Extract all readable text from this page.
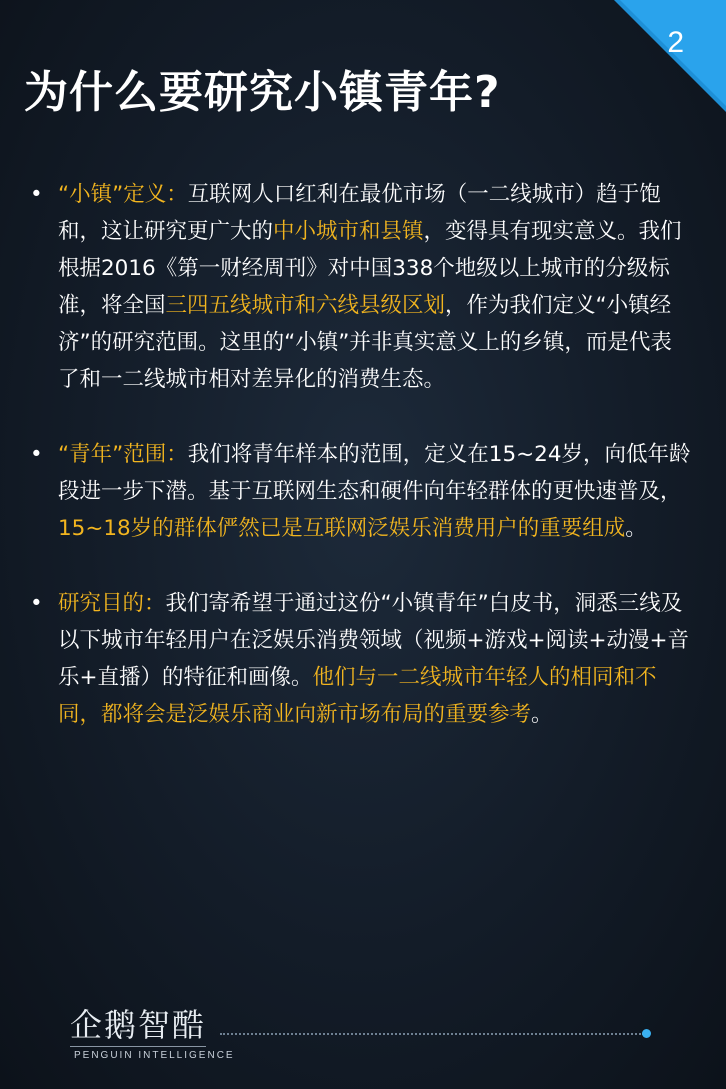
2
为什么要研究小镇青年?
• “小镇”定义：互联网人口红利在最优市场（一二线城市）趋于饱和，这让研究更广大的中小城市和县镇，变得具有现实意义。我们根据2016《第一财经周刊》对中国338个地级以上城市的分级标准，将全国三四五线城市和六线县级区划，作为我们定义“小镇经济”的研究范围。这里的“小镇”并非真实意义上的乡镇，而是代表了和一二线城市相对差异化的消费生态。
• “青年”范围：我们将青年样本的范围，定义在15~24岁，向低年龄段进一步下潜。基于互联网生态和硬件向年轻群体的更快速普及，15~18岁的群体俨然已是互联网泛娱乐消费用户的重要组成。
• 研究目的：我们寄希望于通过这份“小镇青年”白皮书，洞悉三线及以下城市年轻用户在泛娱乐消费领域（视频+游戏+阅读+动漫+音乐+直播）的特征和画像。他们与一二线城市年轻人的相同和不同，都将会是泛娱乐商业向新市场布局的重要参考。
企鹅智酷
PENGUIN INTELLIGENCE
